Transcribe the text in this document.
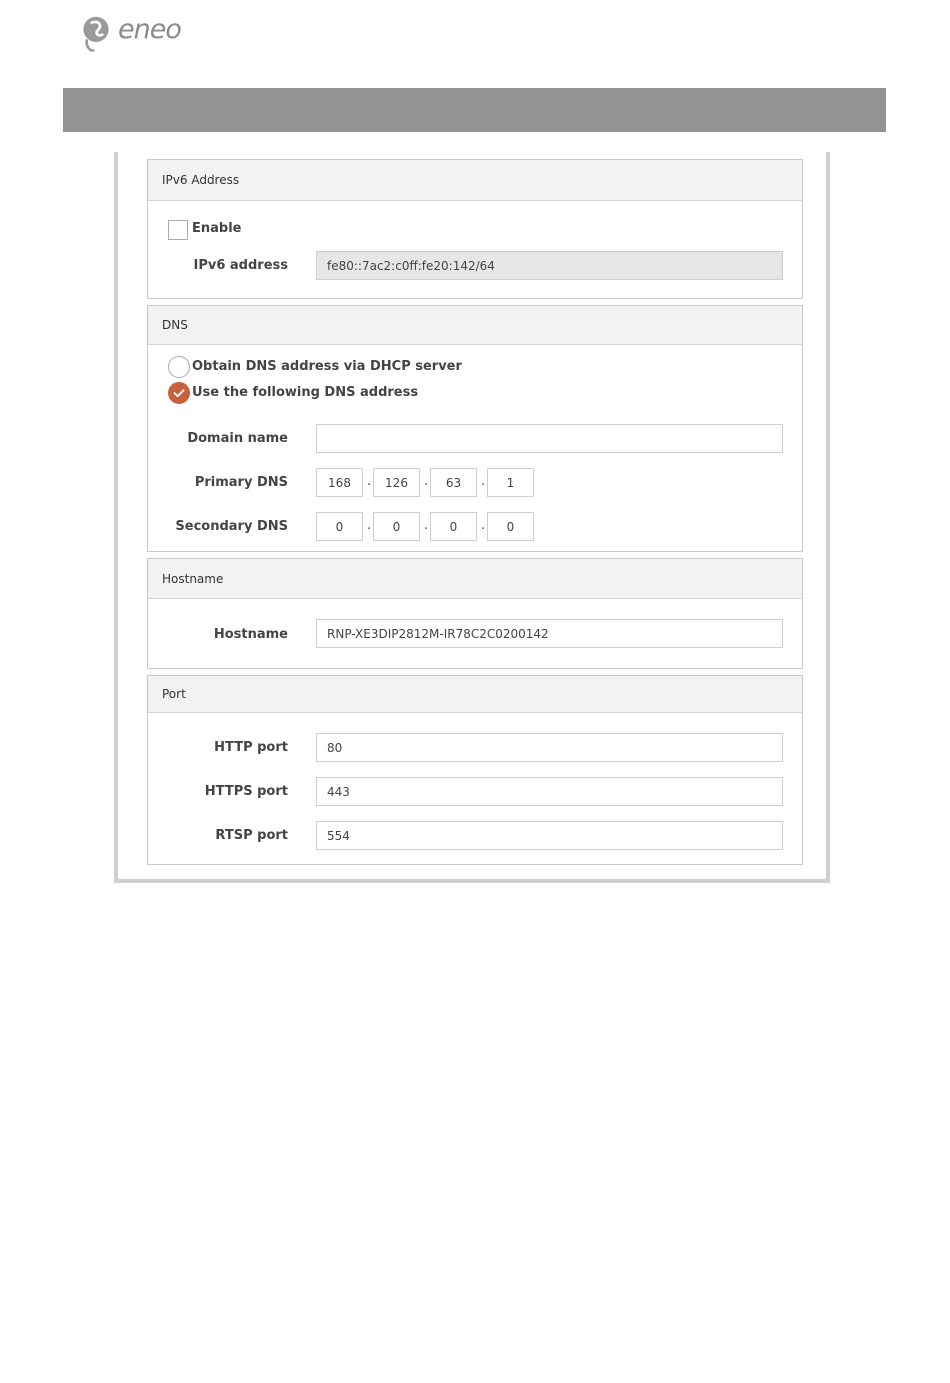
eneo
IPv6 Address
Enable
IPv6 address	fe80::7ac2:c0ff:fe20:142/64
DNS
Obtain DNS address via DHCP server
Use the following DNS address
Domain name
Primary DNS	168	.	126	.	63	.	1
Secondary DNS	0	.	0	.	0	.	0
Hostname
Hostname	RNP-XE3DIP2812M-IR78C2C0200142
Port
HTTP port	80
HTTPS port	443
RTSP port	554
